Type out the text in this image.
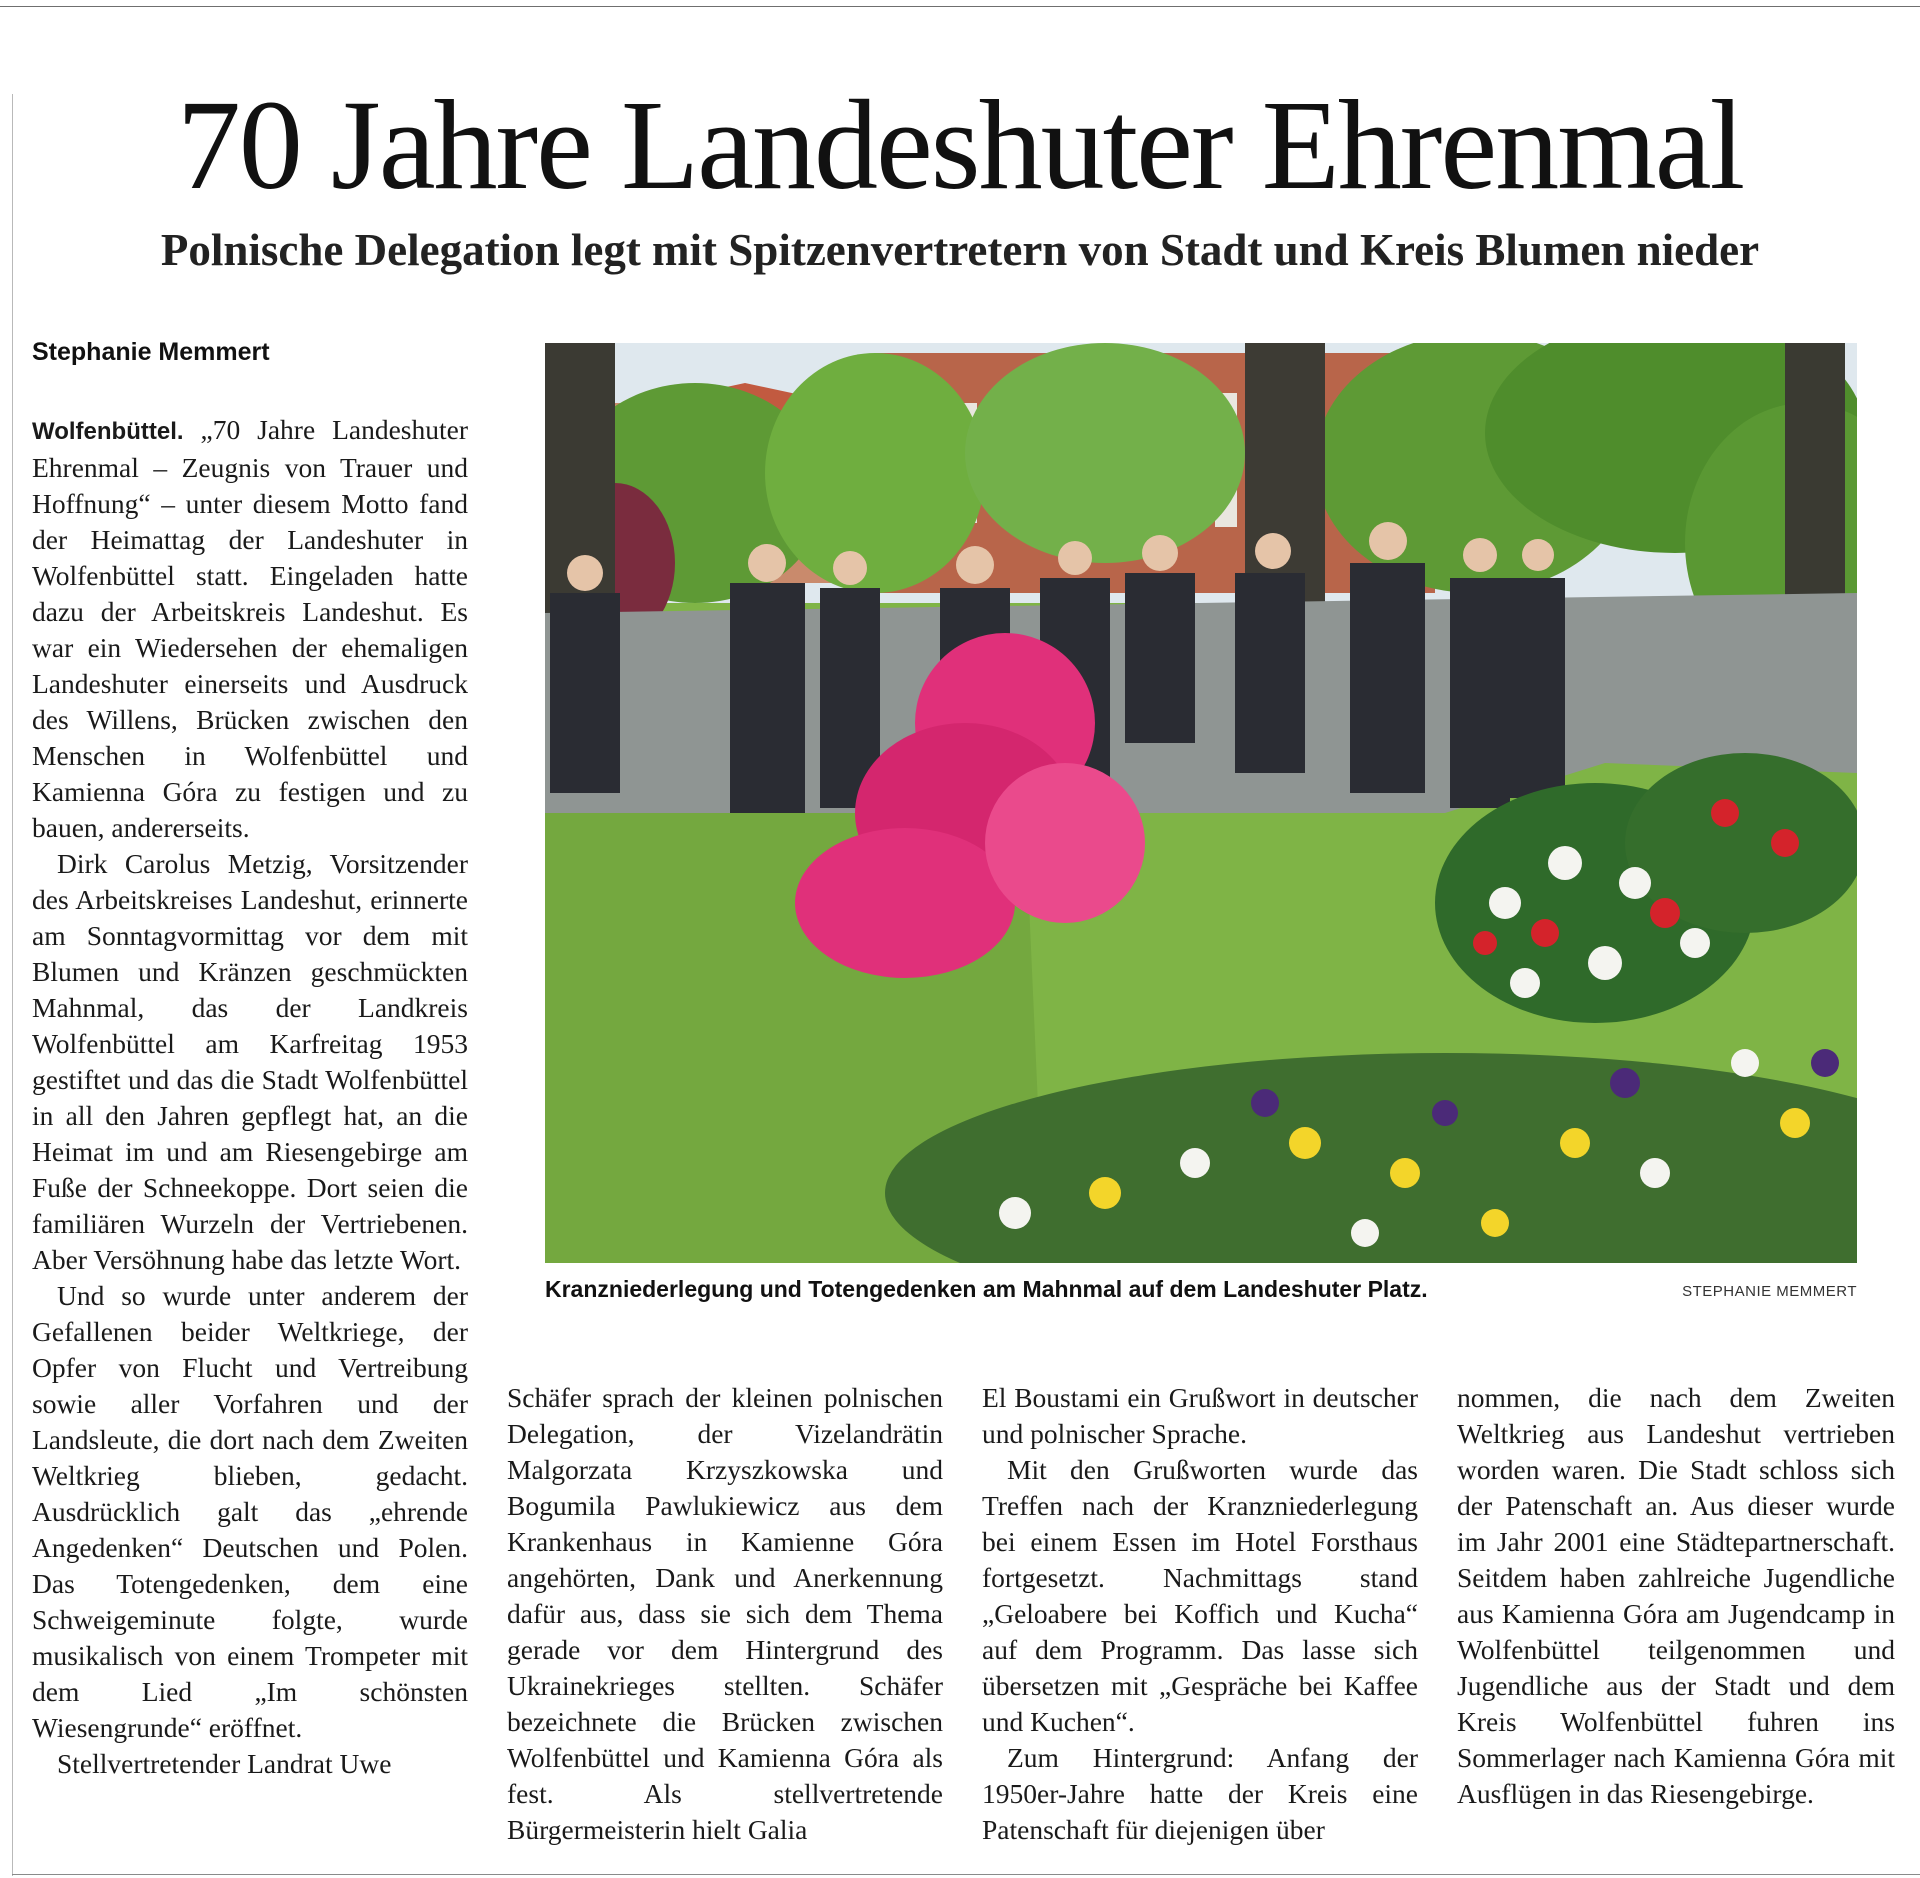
70 Jahre Landeshuter Ehrenmal
Polnische Delegation legt mit Spitzenvertretern von Stadt und Kreis Blumen nieder
Stephanie Memmert

Wolfenbüttel. „70 Jahre Landeshuter Ehrenmal – Zeugnis von Trauer und Hoffnung“ – unter diesem Motto fand der Heimattag der Landeshuter in Wolfenbüttel statt. Eingeladen hatte dazu der Arbeitskreis Landeshut. Es war ein Wiedersehen der ehemaligen Landeshuter einerseits und Ausdruck des Willens, Brücken zwischen den Menschen in Wolfenbüttel und Kamienna Góra zu festigen und zu bauen, andererseits.

Dirk Carolus Metzig, Vorsitzender des Arbeitskreises Landeshut, erinnerte am Sonntagvormittag vor dem mit Blumen und Kränzen geschmückten Mahnmal, das der Landkreis Wolfenbüttel am Karfreitag 1953 gestiftet und das die Stadt Wolfenbüttel in all den Jahren gepflegt hat, an die Heimat im und am Riesengebirge am Fuße der Schneekoppe. Dort seien die familiären Wurzeln der Vertriebenen. Aber Versöhnung habe das letzte Wort.

Und so wurde unter anderem der Gefallenen beider Weltkriege, der Opfer von Flucht und Vertreibung sowie aller Vorfahren und der Landsleute, die dort nach dem Zweiten Weltkrieg blieben, gedacht. Ausdrücklich galt das „ehrende Angedenken“ Deutschen und Polen. Das Totengedenken, dem eine Schweigeminute folgte, wurde musikalisch von einem Trompeter mit dem Lied „Im schönsten Wiesengrunde“ eröffnet.

Stellvertretender Landrat Uwe

Kranzniederlegung und Totengedenken am Mahnmal auf dem Landeshuter Platz.	STEPHANIE MEMMERT

Schäfer sprach der kleinen polnischen Delegation, der Vizelandrätin Malgorzata Krzyszkowska und Bogumila Pawlukiewicz aus dem Krankenhaus in Kamienne Góra angehörten, Dank und Anerkennung dafür aus, dass sie sich dem Thema gerade vor dem Hintergrund des Ukrainekrieges stellten. Schäfer bezeichnete die Brücken zwischen Wolfenbüttel und Kamienna Góra als fest. Als stellvertretende Bürgermeisterin hielt Galia

El Boustami ein Grußwort in deutscher und polnischer Sprache.

Mit den Grußworten wurde das Treffen nach der Kranzniederlegung bei einem Essen im Hotel Forsthaus fortgesetzt. Nachmittags stand „Geloabere bei Koffich und Kucha“ auf dem Programm. Das lasse sich übersetzen mit „Gespräche bei Kaffee und Kuchen“.

Zum Hintergrund: Anfang der 1950er-Jahre hatte der Kreis eine Patenschaft für diejenigen über

nommen, die nach dem Zweiten Weltkrieg aus Landeshut vertrieben worden waren. Die Stadt schloss sich der Patenschaft an. Aus dieser wurde im Jahr 2001 eine Städtepartnerschaft. Seitdem haben zahlreiche Jugendliche aus Kamienna Góra am Jugendcamp in Wolfenbüttel teilgenommen und Jugendliche aus der Stadt und dem Kreis Wolfenbüttel fuhren ins Sommerlager nach Kamienna Góra mit Ausflügen in das Riesengebirge.
